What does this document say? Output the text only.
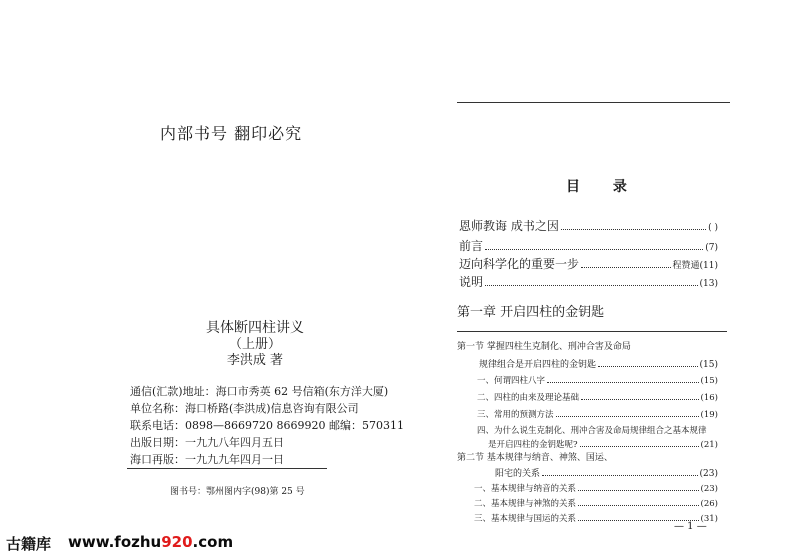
内部书号 翻印必究
具体断四柱讲义
（上册）
李洪成 著
通信(汇款)地址：海口市秀英 62 号信箱(东方洋大厦)
单位名称：海口桥路(李洪成)信息咨询有限公司
联系电话：0898—8669720 8669920 邮编：570311
出版日期：一九九八年四月五日
海口再版：一九九九年四月一日
图书号：鄂州图内字(98)第 25 号
目 录
恩师教诲 成书之因	( )
前言	(7)
迈向科学化的重要一步	程赞通(11)
说明	(13)
第一章 开启四柱的金钥匙
第一节 掌握四柱生克制化、刑冲合害及命局
规律组合是开启四柱的金钥匙	(15)
一、何谓四柱八字	(15)
二、四柱的由来及理论基础	(16)
三、常用的预测方法	(19)
四、为什么说生克制化、刑冲合害及命局规律组合之基本规律
是开启四柱的金钥匙呢?	(21)
第二节 基本规律与纳音、神煞、国运、
阳宅的关系	(23)
一、基本规律与纳音的关系	(23)
二、基本规律与神煞的关系	(26)
三、基本规律与国运的关系	(31)
— 1 —
古籍库 www.fozhu920.com
